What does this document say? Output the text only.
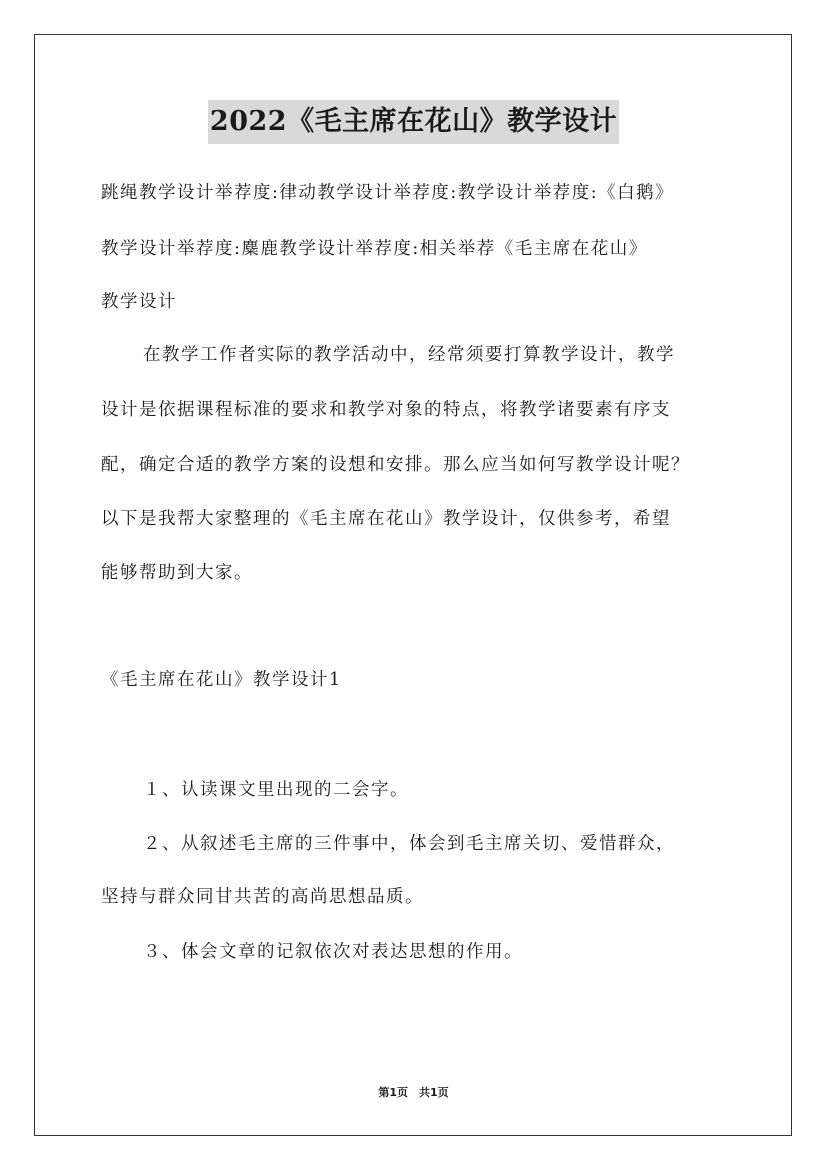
2022《毛主席在花山》教学设计
跳绳教学设计举荐度:律动教学设计举荐度:教学设计举荐度:《白鹅》
教学设计举荐度:麋鹿教学设计举荐度:相关举荐《毛主席在花山》
教学设计
在教学工作者实际的教学活动中，经常须要打算教学设计，教学
设计是依据课程标准的要求和教学对象的特点，将教学诸要素有序支
配，确定合适的教学方案的设想和安排。那么应当如何写教学设计呢？
以下是我帮大家整理的《毛主席在花山》教学设计，仅供参考，希望
能够帮助到大家。
《毛主席在花山》教学设计1
１、认读课文里出现的二会字。
２、从叙述毛主席的三件事中，体会到毛主席关切、爱惜群众，
坚持与群众同甘共苦的高尚思想品质。
３、体会文章的记叙依次对表达思想的作用。
第1页　共1页
